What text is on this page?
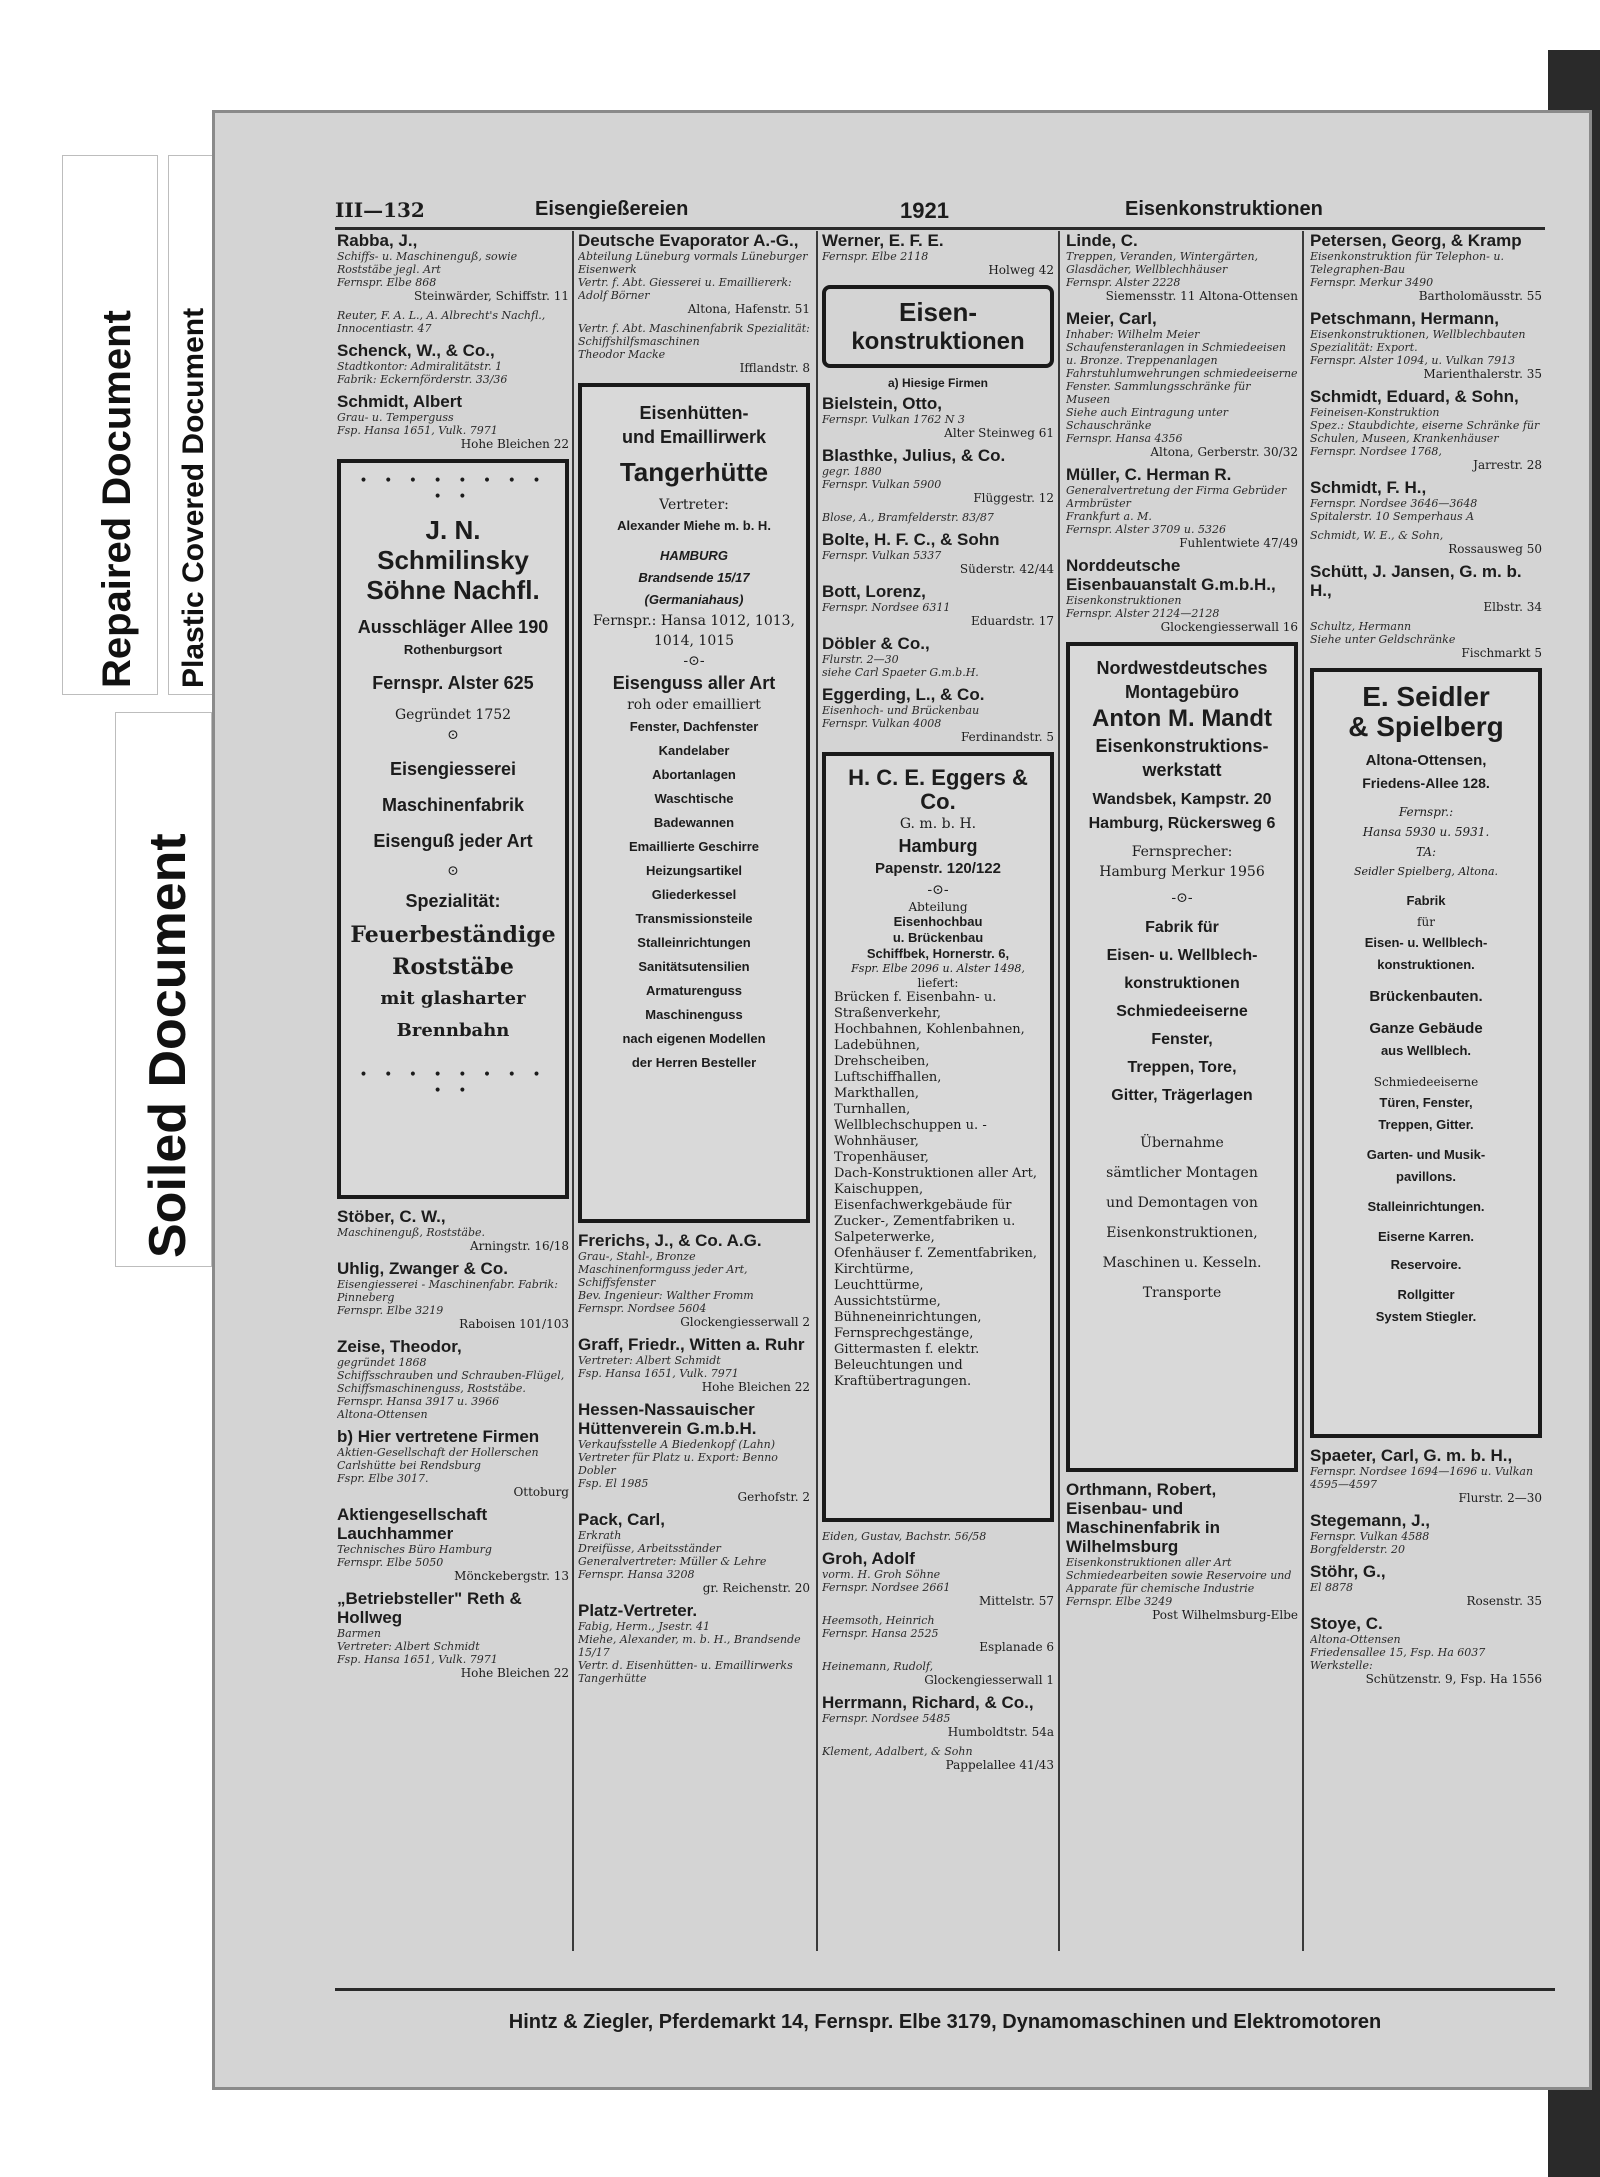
Repaired Document Plastic Covered Document
Soiled Document
III—132	Eisengießereien	1921	Eisenkonstruktionen
Rabba, J.,
Schiffs- u. Maschinenguß, sowie Roststäbe jegl. Art
Fernspr. Elbe 868
Steinwärder, Schiffstr. 11
Reuter, F. A. L., A. Albrecht's Nachfl., Innocentiastr. 47
Schenck, W., & Co.,
Stadtkontor: Admiralitätstr. 1
Fabrik: Eckernförderstr. 33/36
Schmidt, Albert
Grau- u. Temperguss
Fsp. Hansa 1651, Vulk. 7971
Hohe Bleichen 22
• • • • • • • • • •
J. N. Schmilinsky Söhne Nachfl.
Ausschläger Allee 190
Rothenburgsort
Fernspr. Alster 625
Gegründet 1752
⊙
Eisengiesserei
Maschinenfabrik
Eisenguß jeder Art
⊙
Spezialität:
Feuerbeständige
Roststäbe
mit glasharter
Brennbahn
• • • • • • • • • •
Stöber, C. W.,
Maschinenguß, Roststäbe.
Arningstr. 16/18
Uhlig, Zwanger & Co.
Eisengiesserei - Maschinenfabr. Fabrik: Pinneberg
Fernspr. Elbe 3219
Raboisen 101/103
Zeise, Theodor,
gegründet 1868
Schiffsschrauben und Schrauben-Flügel, Schiffsmaschinenguss, Roststäbe.
Fernspr. Hansa 3917 u. 3966
Altona-Ottensen
b) Hier vertretene Firmen
Aktien-Gesellschaft der Hollerschen Carlshütte bei Rendsburg
Fspr. Elbe 3017.
Ottoburg
Aktiengesellschaft Lauchhammer
Technisches Büro Hamburg
Fernspr. Elbe 5050
Mönckebergstr. 13
„Betriebsteller" Reth & Hollweg
Barmen
Vertreter: Albert Schmidt
Fsp. Hansa 1651, Vulk. 7971
Hohe Bleichen 22
Deutsche Evaporator A.-G.,
Abteilung Lüneburg vormals Lüneburger Eisenwerk
Vertr. f. Abt. Giesserei u. Emailliererk: Adolf Börner
Altona, Hafenstr. 51
Vertr. f. Abt. Maschinenfabrik Spezialität: Schiffshilfsmaschinen
Theodor Macke
Ifflandstr. 8
Eisenhütten-
und Emaillirwerk
Tangerhütte
Vertreter:
Alexander Miehe m. b. H.
HAMBURG
Brandsende 15/17
(Germaniahaus)
Fernspr.: Hansa 1012, 1013, 1014, 1015
-⊙-
Eisenguss aller Art
roh oder emailliert
Fenster, Dachfenster
Kandelaber
Abortanlagen
Waschtische
Badewannen
Emaillierte Geschirre
Heizungsartikel
Gliederkessel
Transmissionsteile
Stalleinrichtungen
Sanitätsutensilien
Armaturenguss
Maschinenguss
nach eigenen Modellen
der Herren Besteller
Frerichs, J., & Co. A.G.
Grau-, Stahl-, Bronze Maschinenformguss jeder Art, Schiffsfenster
Bev. Ingenieur: Walther Fromm
Fernspr. Nordsee 5604
Glockengiesserwall 2
Graff, Friedr., Witten a. Ruhr
Vertreter: Albert Schmidt
Fsp. Hansa 1651, Vulk. 7971
Hohe Bleichen 22
Hessen-Nassauischer Hüttenverein G.m.b.H.
Verkaufsstelle A Biedenkopf (Lahn)
Vertreter für Platz u. Export: Benno Dobler
Fsp. El 1985
Gerhofstr. 2
Pack, Carl,
Erkrath
Dreifüsse, Arbeitsständer Generalvertreter: Müller & Lehre
Fernspr. Hansa 3208
gr. Reichenstr. 20
Platz-Vertreter.
Fabig, Herm., Jsestr. 41
Miehe, Alexander, m. b. H., Brandsende 15/17
Vertr. d. Eisenhütten- u. Emaillirwerks Tangerhütte
Werner, E. F. E.
Fernspr. Elbe 2118
Holweg 42
Eisen-
konstruktionen
a) Hiesige Firmen
Bielstein, Otto,
Fernspr. Vulkan 1762 N 3
Alter Steinweg 61
Blasthke, Julius, & Co.
gegr. 1880
Fernspr. Vulkan 5900
Flüggestr. 12
Blose, A., Bramfelderstr. 83/87
Bolte, H. F. C., & Sohn
Fernspr. Vulkan 5337
Süderstr. 42/44
Bott, Lorenz,
Fernspr. Nordsee 6311
Eduardstr. 17
Döbler & Co.,
Flurstr. 2—30
siehe Carl Spaeter G.m.b.H.
Eggerding, L., & Co.
Eisenhoch- und Brückenbau
Fernspr. Vulkan 4008
Ferdinandstr. 5
H. C. E. Eggers & Co.
G. m. b. H.
Hamburg
Papenstr. 120/122
-⊙-
Abteilung
Eisenhochbau
u. Brückenbau
Schiffbek, Hornerstr. 6,
Fspr. Elbe 2096 u. Alster 1498,
liefert:
Brücken f. Eisenbahn- u. Straßenverkehr,
Hochbahnen, Kohlenbahnen,
Ladebühnen,
Drehscheiben,
Luftschiffhallen,
Markthallen,
Turnhallen,
Wellblechschuppen u. -Wohnhäuser,
Tropenhäuser,
Dach-Konstruktionen aller Art,
Kaischuppen,
Eisenfachwerkgebäude für Zucker-, Zementfabriken u. Salpeterwerke,
Ofenhäuser f. Zementfabriken,
Kirchtürme,
Leuchttürme,
Aussichtstürme,
Bühneneinrichtungen,
Fernsprechgestänge,
Gittermasten f. elektr. Beleuchtungen und Kraftübertragungen.
Eiden, Gustav, Bachstr. 56/58
Groh, Adolf
vorm. H. Groh Söhne
Fernspr. Nordsee 2661
Mittelstr. 57
Heemsoth, Heinrich
Fernspr. Hansa 2525
Esplanade 6
Heinemann, Rudolf,
Glockengiesserwall 1
Herrmann, Richard, & Co.,
Fernspr. Nordsee 5485
Humboldtstr. 54a
Klement, Adalbert, & Sohn
Pappelallee 41/43
Linde, C.
Treppen, Veranden, Wintergärten, Glasdächer, Wellblechhäuser
Fernspr. Alster 2228
Siemensstr. 11 Altona-Ottensen
Meier, Carl,
Inhaber: Wilhelm Meier
Schaufensteranlagen in Schmiedeeisen u. Bronze. Treppenanlagen
Fahrstuhlumwehrungen schmiedeeiserne Fenster. Sammlungsschränke für Museen
Siehe auch Eintragung unter Schauschränke
Fernspr. Hansa 4356
Altona, Gerberstr. 30/32
Müller, C. Herman R.
Generalvertretung der Firma Gebrüder Armbrüster
Frankfurt a. M.
Fernspr. Alster 3709 u. 5326
Fuhlentwiete 47/49
Norddeutsche Eisenbauanstalt G.m.b.H.,
Eisenkonstruktionen
Fernspr. Alster 2124—2128
Glockengiesserwall 16
Nordwestdeutsches
Montagebüro
Anton M. Mandt
Eisenkonstruktions-
werkstatt
Wandsbek, Kampstr. 20
Hamburg, Rückersweg 6
Fernsprecher:
Hamburg Merkur 1956
-⊙-
Fabrik für
Eisen- u. Wellblech-
konstruktionen
Schmiedeeiserne
Fenster,
Treppen, Tore,
Gitter, Trägerlagen
Übernahme
sämtlicher Montagen
und Demontagen von
Eisenkonstruktionen,
Maschinen u. Kesseln.
Transporte
Orthmann, Robert, Eisenbau- und Maschinenfabrik in Wilhelmsburg
Eisenkonstruktionen aller Art
Schmiedearbeiten sowie Reservoire und Apparate für chemische Industrie
Fernspr. Elbe 3249
Post Wilhelmsburg-Elbe
Petersen, Georg, & Kramp
Eisenkonstruktion für Telephon- u. Telegraphen-Bau
Fernspr. Merkur 3490
Bartholomäusstr. 55
Petschmann, Hermann,
Eisenkonstruktionen, Wellblechbauten
Spezialität: Export.
Fernspr. Alster 1094, u. Vulkan 7913
Marienthalerstr. 35
Schmidt, Eduard, & Sohn,
Feineisen-Konstruktion
Spez.: Staubdichte, eiserne Schränke für Schulen, Museen, Krankenhäuser
Fernspr. Nordsee 1768,
Jarrestr. 28
Schmidt, F. H.,
Fernspr. Nordsee 3646—3648
Spitalerstr. 10 Semperhaus A
Schmidt, W. E., & Sohn,
Rossausweg 50
Schütt, J. Jansen, G. m. b. H.,
Elbstr. 34
Schultz, Hermann
Siehe unter Geldschränke
Fischmarkt 5
E. Seidler
& Spielberg
Altona-Ottensen,
Friedens-Allee 128.
Fernspr.:
Hansa 5930 u. 5931.
TA:
Seidler Spielberg, Altona.
Fabrik
für
Eisen- u. Wellblech-
konstruktionen.
Brückenbauten.
Ganze Gebäude
aus Wellblech.
Schmiedeeiserne
Türen, Fenster,
Treppen, Gitter.
Garten- und Musik-
pavillons.
Stalleinrichtungen.
Eiserne Karren.
Reservoire.
Rollgitter
System Stiegler.
Spaeter, Carl, G. m. b. H.,
Fernspr. Nordsee 1694—1696 u. Vulkan 4595—4597
Flurstr. 2—30
Stegemann, J.,
Fernspr. Vulkan 4588
Borgfelderstr. 20
Stöhr, G.,
El 8878
Rosenstr. 35
Stoye, C.
Altona-Ottensen
Friedensallee 15, Fsp. Ha 6037
Werkstelle:
Schützenstr. 9, Fsp. Ha 1556
Hintz & Ziegler, Pferdemarkt 14, Fernspr. Elbe 3179, Dynamomaschinen und Elektromotoren
